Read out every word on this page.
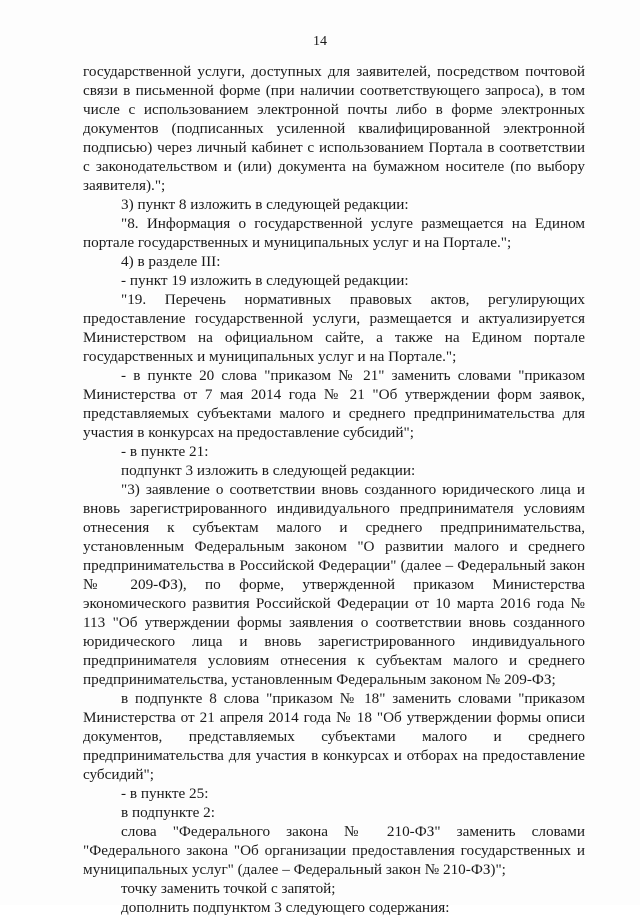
14

государственной услуги, доступных для заявителей, посредством почтовой связи в письменной форме (при наличии соответствующего запроса), в том числе с использованием электронной почты либо в форме электронных документов (подписанных усиленной квалифицированной электронной подписью) через личный кабинет с использованием Портала в соответствии с законодательством и (или) документа на бумажном носителе (по выбору заявителя).";

3) пункт 8 изложить в следующей редакции:

"8. Информация о государственной услуге размещается на Едином портале государственных и муниципальных услуг и на Портале.";

4) в разделе III:

- пункт 19 изложить в следующей редакции:

"19. Перечень нормативных правовых актов, регулирующих предоставление государственной услуги, размещается и актуализируется Министерством на официальном сайте, а также на Едином портале государственных и муниципальных услуг и на Портале.";

- в пункте 20 слова "приказом № 21" заменить словами "приказом Министерства от 7 мая 2014 года № 21 "Об утверждении форм заявок, представляемых субъектами малого и среднего предпринимательства для участия в конкурсах на предоставление субсидий";

- в пункте 21:

подпункт 3 изложить в следующей редакции:

"3) заявление о соответствии вновь созданного юридического лица и вновь зарегистрированного индивидуального предпринимателя условиям отнесения к субъектам малого и среднего предпринимательства, установленным Федеральным законом "О развитии малого и среднего предпринимательства в Российской Федерации" (далее – Федеральный закон № 209-ФЗ), по форме, утвержденной приказом Министерства экономического развития Российской Федерации от 10 марта 2016 года № 113 "Об утверждении формы заявления о соответствии вновь созданного юридического лица и вновь зарегистрированного индивидуального предпринимателя условиям отнесения к субъектам малого и среднего предпринимательства, установленным Федеральным законом № 209-ФЗ;

в подпункте 8 слова "приказом № 18" заменить словами "приказом Министерства от 21 апреля 2014 года № 18 "Об утверждении формы описи документов, представляемых субъектами малого и среднего предпринимательства для участия в конкурсах и отборах на предоставление субсидий";

- в пункте 25:

в подпункте 2:

слова "Федерального закона № 210-ФЗ" заменить словами "Федерального закона "Об организации предоставления государственных и муниципальных услуг" (далее – Федеральный закон № 210-ФЗ)";

точку заменить точкой с запятой;

дополнить подпунктом 3 следующего содержания:
